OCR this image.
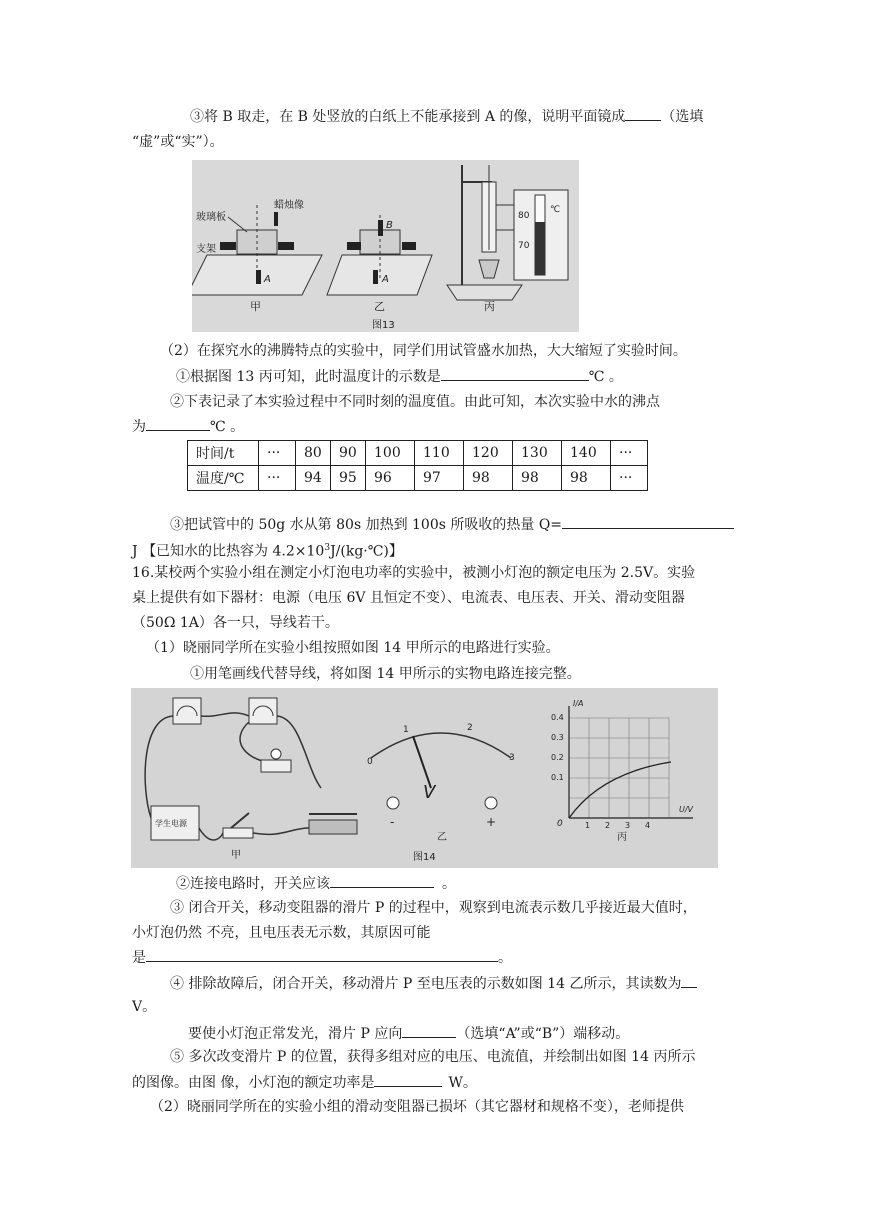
③将 B 取走，在 B 处竖放的白纸上不能承接到 A 的像，说明平面镜成	（选填
“虚”或“实”）。
玻璃板
支架
蜡烛像
A
甲
B
A
乙
80
70
℃
丙
图13
（2）在探究水的沸腾特点的实验中，同学们用试管盛水加热，大大缩短了实验时间。
①根据图 13 丙可知，此时温度计的示数是	℃ 。
②下表记录了本实验过程中不同时刻的温度值。由此可知，本次实验中水的沸点
为	℃ 。
时间/t	···	80	90	100	110	120	130	140	···
温度/℃	···	94	95	96	97	98	98	98	···
③把试管中的 50g 水从第 80s 加热到 100s 所吸收的热量 Q=
J 【已知水的比热容为 $4.2\times 10^3J/(kg\cdot℃)$】
16.某校两个实验小组在测定小灯泡电功率的实验中，被测小灯泡的额定电压为 2.5V。实验
桌上提供有如下器材：电源（电压 6V 且恒定不变）、电流表、电压表、开关、滑动变阻器
（50Ω 1A）各一只，导线若干。
（1）晓丽同学所在实验小组按照如图 14 甲所示的电路进行实验。
①用笔画线代替导线，将如图 14 甲所示的实物电路连接完整。
学生电源
甲
0
1	2
3
V
-	+
乙
0.4
0.3
0.2
0.1
0	1 2 3 4
I/A
U/V
丙
图14
②连接电路时，开关应该	。
③ 闭合开关，移动变阻器的滑片 P 的过程中，观察到电流表示数几乎接近最大值时，
小灯泡仍然 不亮，且电压表无示数，其原因可能
是	。
④ 排除故障后，闭合开关，移动滑片 P 至电压表的示数如图 14 乙所示，其读数为
V。
要使小灯泡正常发光，滑片 P 应向	（选填“A”或“B”）端移动。
⑤ 多次改变滑片 P 的位置，获得多组对应的电压、电流值，并绘制出如图 14 丙所示
的图像。由图 像，小灯泡的额定功率是	W。
（2）晓丽同学所在的实验小组的滑动变阻器已损坏（其它器材和规格不变），老师提供
